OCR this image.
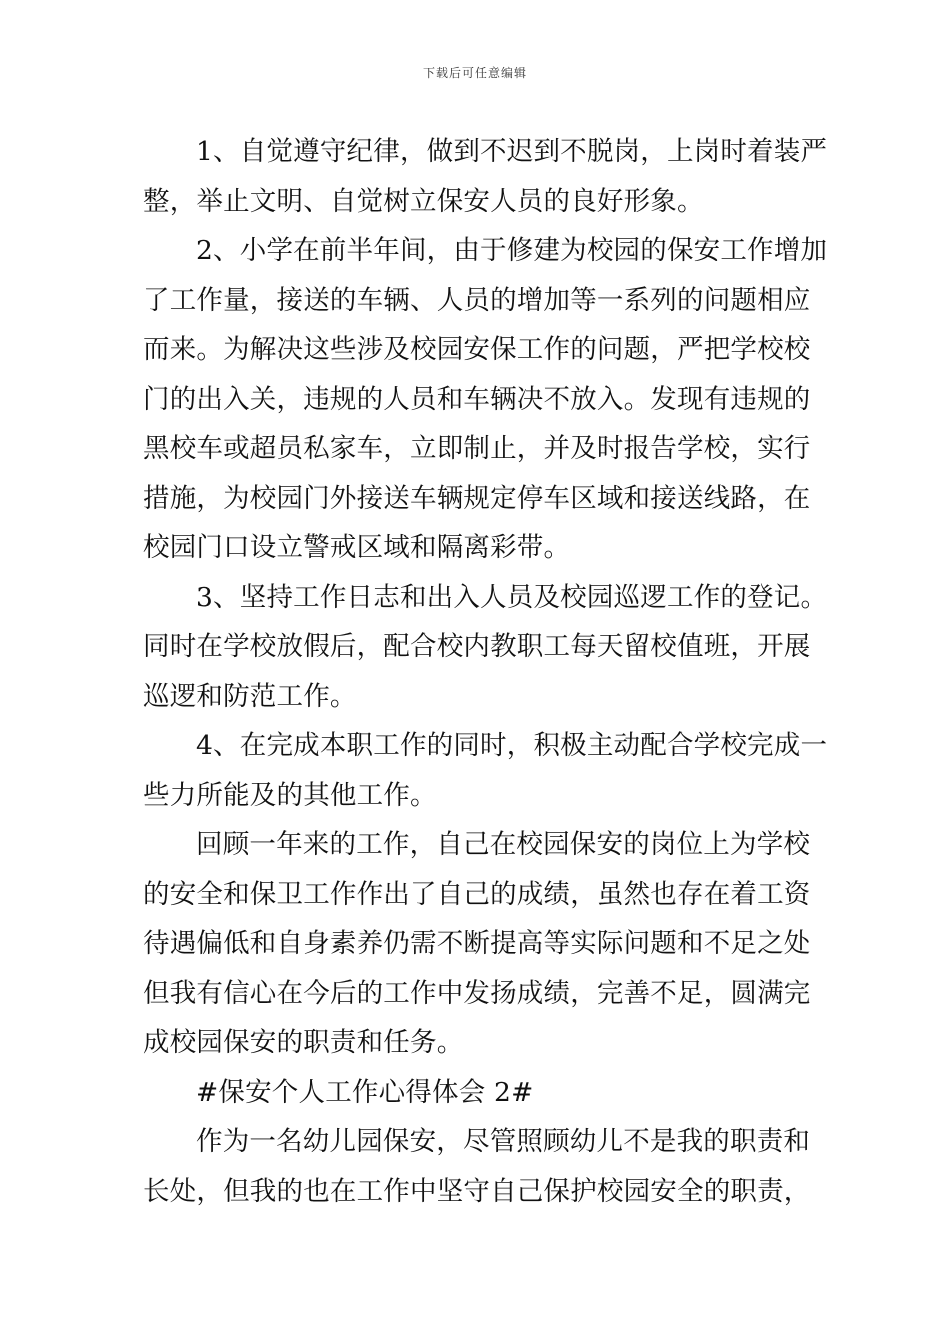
下载后可任意编辑
1、自觉遵守纪律，做到不迟到不脱岗，上岗时着装严
整，举止文明、自觉树立保安人员的良好形象。
2、小学在前半年间，由于修建为校园的保安工作增加
了工作量，接送的车辆、人员的增加等一系列的问题相应
而来。为解决这些涉及校园安保工作的问题，严把学校校
门的出入关，违规的人员和车辆决不放入。发现有违规的
黑校车或超员私家车，立即制止，并及时报告学校，实行
措施，为校园门外接送车辆规定停车区域和接送线路，在
校园门口设立警戒区域和隔离彩带。
3、坚持工作日志和出入人员及校园巡逻工作的登记。
同时在学校放假后，配合校内教职工每天留校值班，开展
巡逻和防范工作。
4、在完成本职工作的同时，积极主动配合学校完成一
些力所能及的其他工作。
回顾一年来的工作，自己在校园保安的岗位上为学校
的安全和保卫工作作出了自己的成绩，虽然也存在着工资
待遇偏低和自身素养仍需不断提高等实际问题和不足之处
但我有信心在今后的工作中发扬成绩，完善不足，圆满完
成校园保安的职责和任务。
#保安个人工作心得体会 2#
作为一名幼儿园保安，尽管照顾幼儿不是我的职责和
长处，但我的也在工作中坚守自己保护校园安全的职责，
